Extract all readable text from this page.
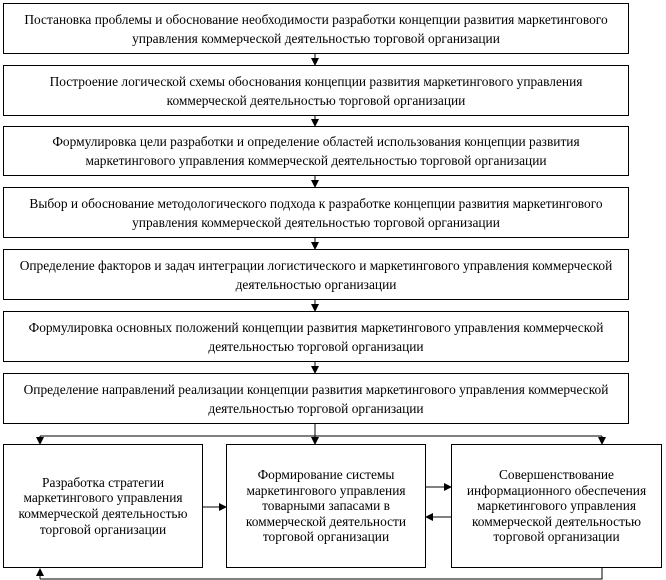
Постановка проблемы и обоснование необходимости разработки концепции развития маркетингового управления коммерческой деятельностью торговой организации
Построение логической схемы обоснования концепции развития маркетингового управления коммерческой деятельностью торговой организации
Формулировка цели разработки и определение областей использования концепции развития маркетингового управления коммерческой деятельностью торговой организации
Выбор и обоснование методологического подхода к разработке концепции развития маркетингового управления коммерческой деятельностью торговой организации
Определение факторов и задач интеграции логистического и маркетингового управления коммерческой деятельностью организации
Формулировка основных положений концепции развития маркетингового управления коммерческой деятельностью торговой организации
Определение направлений реализации концепции развития маркетингового управления коммерческой деятельностью торговой организации
Разработка стратегии маркетингового управления коммерческой деятельностью торговой организации
Формирование системы маркетингового управления товарными запасами в коммерческой деятельности торговой организации
Совершенствование информационного обеспечения маркетингового управления коммерческой деятельностью торговой организации
